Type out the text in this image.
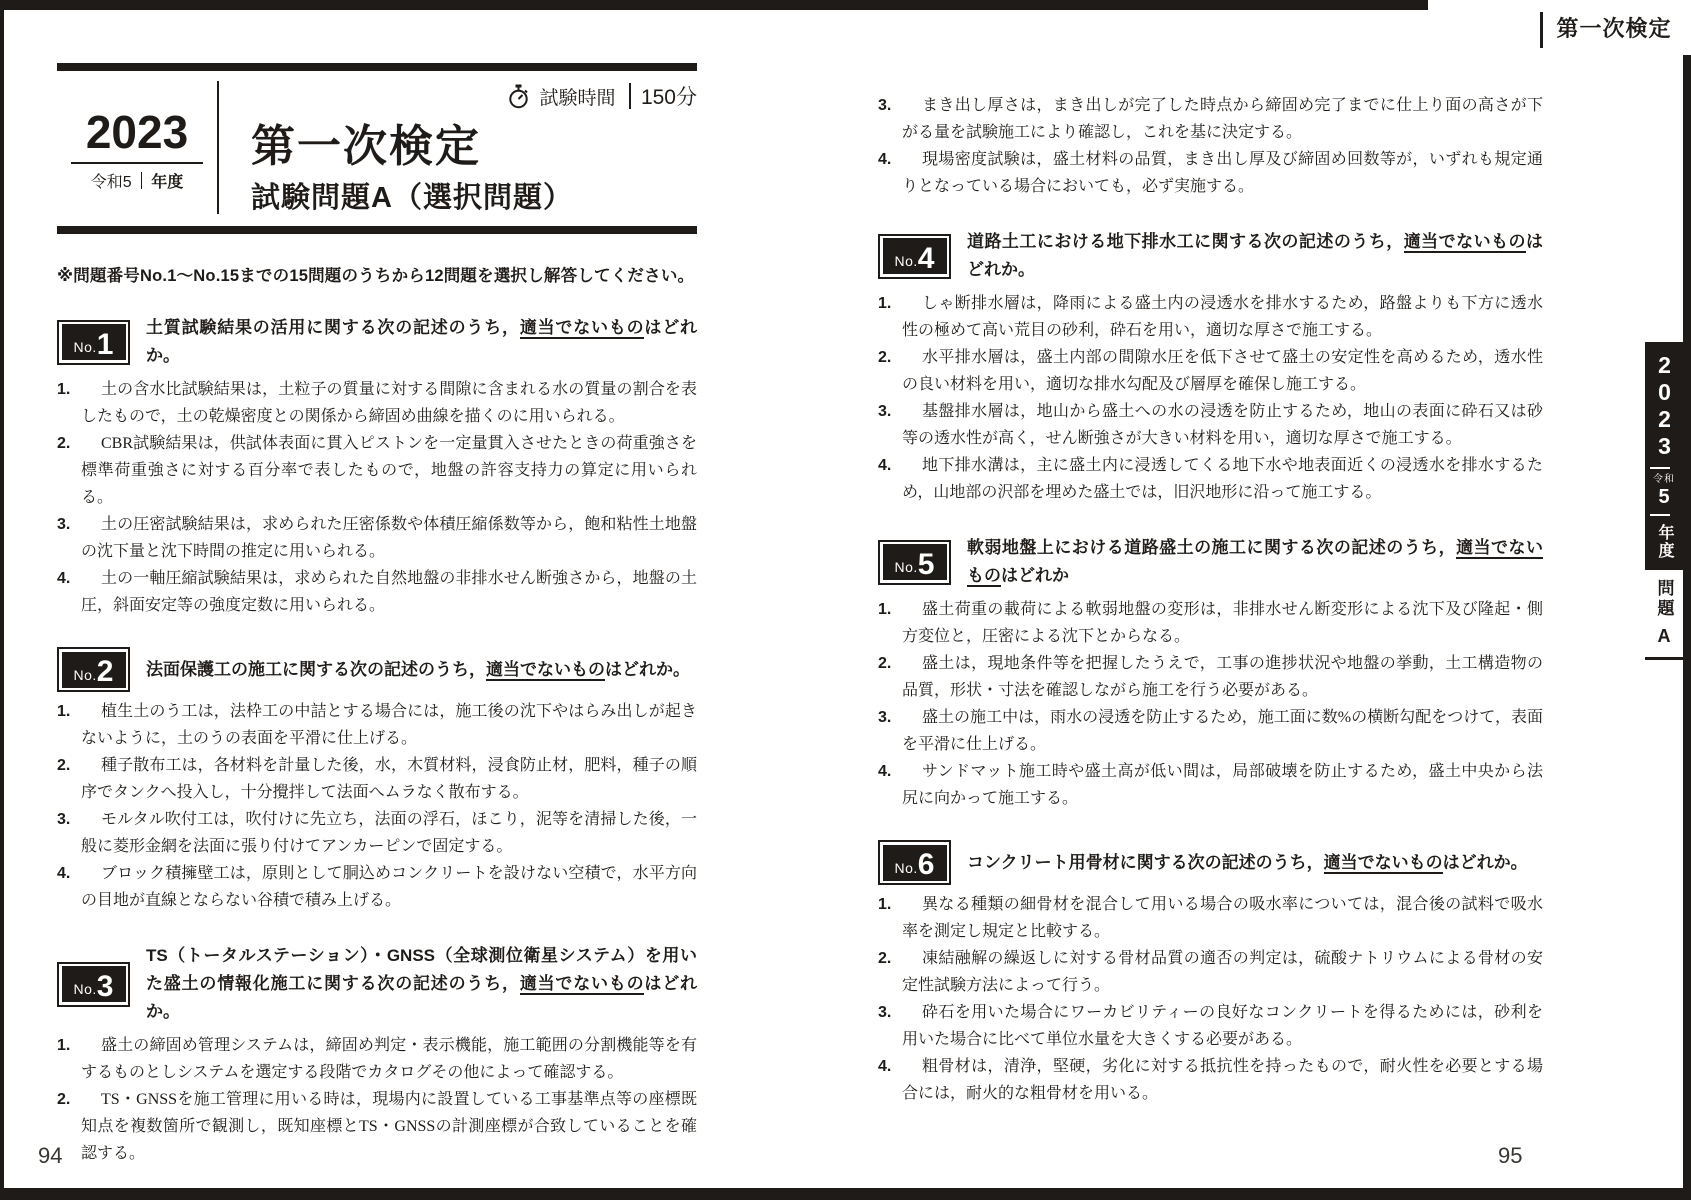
第一次検定
2023
令和
5
年度
問題
A
2023
令和5 年度
試験時間 150分
第一次検定
試験問題A（選択問題）
※問題番号No.1～No.15までの15問題のうちから12問題を選択し解答してください。
No. 1 土質試験結果の活用に関する次の記述のうち，適当でないものはどれか。
1. 土の含水比試験結果は，土粒子の質量に対する間隙に含まれる水の質量の割合を表したもので，土の乾燥密度との関係から締固め曲線を描くのに用いられる。
2. CBR試験結果は，供試体表面に貫入ピストンを一定量貫入させたときの荷重強さを標準荷重強さに対する百分率で表したもので，地盤の許容支持力の算定に用いられる。
3. 土の圧密試験結果は，求められた圧密係数や体積圧縮係数等から，飽和粘性土地盤の沈下量と沈下時間の推定に用いられる。
4. 土の一軸圧縮試験結果は，求められた自然地盤の非排水せん断強さから，地盤の土圧，斜面安定等の強度定数に用いられる。
No. 2 法面保護工の施工に関する次の記述のうち，適当でないものはどれか。
1. 植生土のう工は，法枠工の中詰とする場合には，施工後の沈下やはらみ出しが起きないように，土のうの表面を平滑に仕上げる。
2. 種子散布工は，各材料を計量した後，水，木質材料，浸食防止材，肥料，種子の順序でタンクへ投入し，十分攪拌して法面へムラなく散布する。
3. モルタル吹付工は，吹付けに先立ち，法面の浮石，ほこり，泥等を清掃した後，一般に菱形金網を法面に張り付けてアンカーピンで固定する。
4. ブロック積擁壁工は，原則として胴込めコンクリートを設けない空積で，水平方向の目地が直線とならない谷積で積み上げる。
No. 3
TS（トータルステーション）・GNSS（全球測位衛星システム）を用いた盛土の情報化施工に関する次の記述のうち，適当でないものはどれか。
1. 盛土の締固め管理システムは，締固め判定・表示機能，施工範囲の分割機能等を有するものとしシステムを選定する段階でカタログその他によって確認する。
2. TS・GNSSを施工管理に用いる時は，現場内に設置している工事基準点等の座標既知点を複数箇所で観測し，既知座標とTS・GNSSの計測座標が合致していることを確認する。
3. まき出し厚さは，まき出しが完了した時点から締固め完了までに仕上り面の高さが下がる量を試験施工により確認し，これを基に決定する。
4. 現場密度試験は，盛土材料の品質，まき出し厚及び締固め回数等が，いずれも規定通りとなっている場合においても，必ず実施する。
No. 4 道路土工における地下排水工に関する次の記述のうち，適当でないものはどれか。
1. しゃ断排水層は，降雨による盛土内の浸透水を排水するため，路盤よりも下方に透水性の極めて高い荒目の砂利，砕石を用い，適切な厚さで施工する。
2. 水平排水層は，盛土内部の間隙水圧を低下させて盛土の安定性を高めるため，透水性の良い材料を用い，適切な排水勾配及び層厚を確保し施工する。
3. 基盤排水層は，地山から盛土への水の浸透を防止するため，地山の表面に砕石又は砂等の透水性が高く，せん断強さが大きい材料を用い，適切な厚さで施工する。
4. 地下排水溝は，主に盛土内に浸透してくる地下水や地表面近くの浸透水を排水するため，山地部の沢部を埋めた盛土では，旧沢地形に沿って施工する。
No. 5 軟弱地盤上における道路盛土の施工に関する次の記述のうち，適当でないものはどれか
1. 盛土荷重の載荷による軟弱地盤の変形は，非排水せん断変形による沈下及び隆起・側方変位と，圧密による沈下とからなる。
2. 盛土は，現地条件等を把握したうえで，工事の進捗状況や地盤の挙動，土工構造物の品質，形状・寸法を確認しながら施工を行う必要がある。
3. 盛土の施工中は，雨水の浸透を防止するため，施工面に数%の横断勾配をつけて，表面を平滑に仕上げる。
4. サンドマット施工時や盛土高が低い間は，局部破壊を防止するため，盛土中央から法尻に向かって施工する。
No. 6 コンクリート用骨材に関する次の記述のうち，適当でないものはどれか。
1. 異なる種類の細骨材を混合して用いる場合の吸水率については，混合後の試料で吸水率を測定し規定と比較する。
2. 凍結融解の繰返しに対する骨材品質の適否の判定は，硫酸ナトリウムによる骨材の安定性試験方法によって行う。
3. 砕石を用いた場合にワーカビリティーの良好なコンクリートを得るためには，砂利を用いた場合に比べて単位水量を大きくする必要がある。
4. 粗骨材は，清浄，堅硬，劣化に対する抵抗性を持ったもので，耐火性を必要とする場合には，耐火的な粗骨材を用いる。
94	95
